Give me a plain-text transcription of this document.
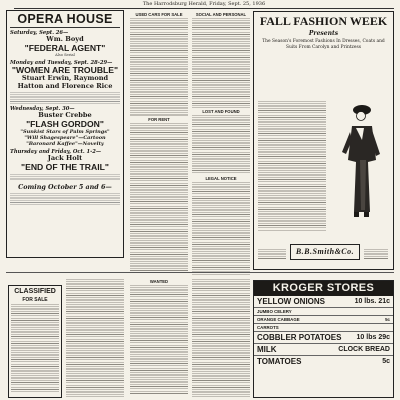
The Harrodsburg Herald, Friday, Sept. 25, 1936
OPERA HOUSE
Saturday, Sept. 26—
Wm. Boyd
"FEDERAL AGENT"
Also Serial
Monday and Tuesday, Sept. 28-29—
"WOMEN ARE TROUBLE"
Stuart Erwin, Raymond Hatton and Florence Rice
Wednesday, Sept. 30—
Buster Crebbe
"FLASH GORDON"
"Sunkist Stars of Palm Springs"
"Will Shagespeare"—Cartoon
"Baronard Kaffee"—Novelty
Thursday and Friday, Oct. 1-2—
Jack Holt
"END OF THE TRAIL"
Coming October 5 and 6—
USED CARS FOR SALE
FOR RENT
SOCIAL AND PERSONAL
LOST AND FOUND
LEGAL NOTICE
FALL FASHION WEEK
Presents
The Season's Foremost Fashions In Dresses, Coats and Suits From Carolyn and Printzess
B.B.Smith&Co.
CLASSIFIED
FOR SALE
WANTED
KROGER STORES
YELLOW ONIONS	10 lbs. 21c
JUMBO CELERY
ORANGE CABBAGE	5c
CARROTS
COBBLER POTATOES 10 lbs 29c
MILK	CLOCK BREAD
TOMATOES	5c
